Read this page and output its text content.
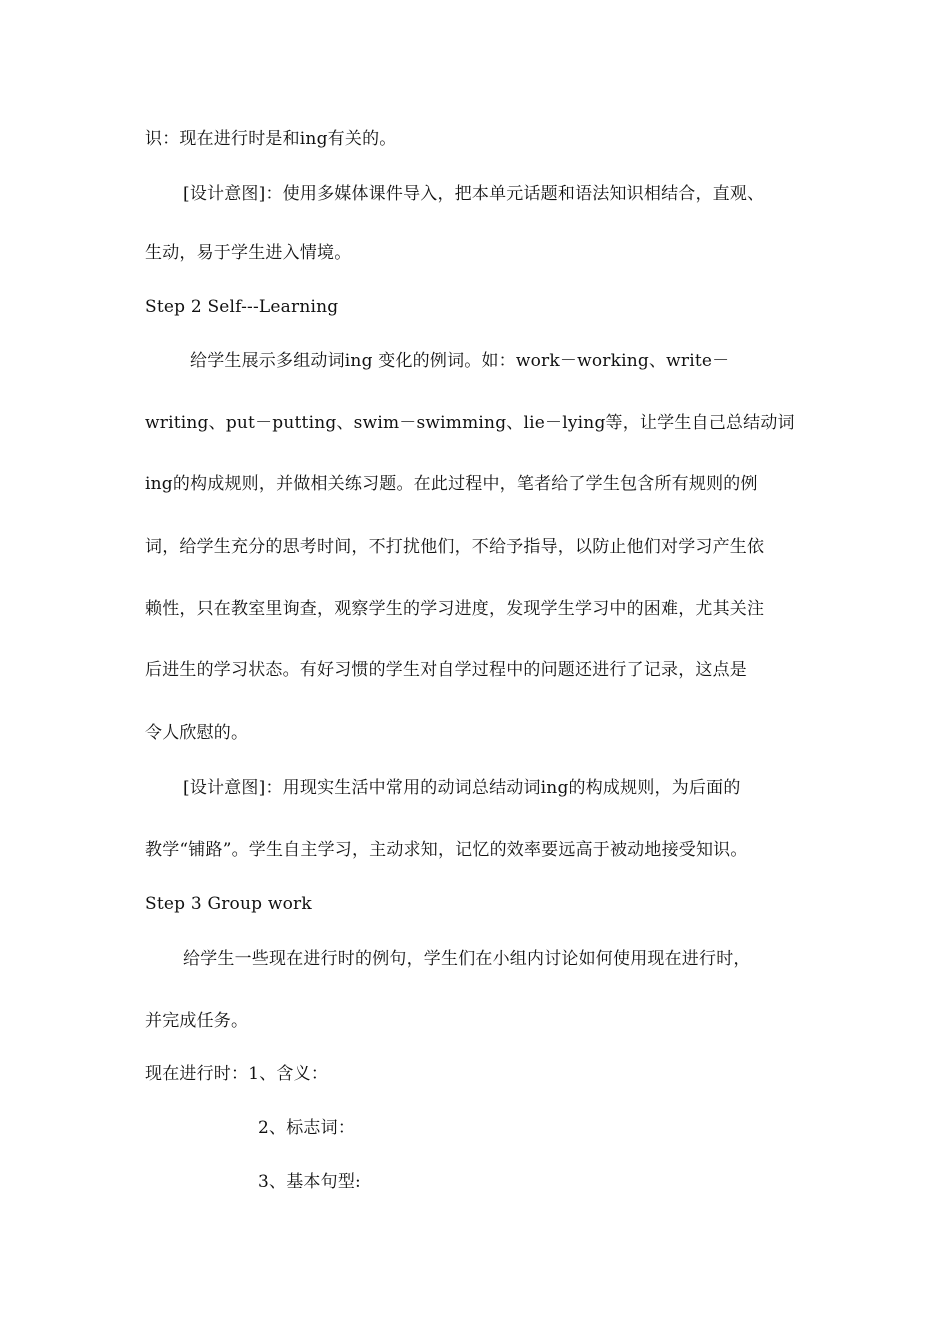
识：现在进行时是和ing有关的。

[设计意图]：使用多媒体课件导入，把本单元话题和语法知识相结合，直观、

生动，易于学生进入情境。

Step 2 Self---Learning

给学生展示多组动词ing 变化的例词。如：work－working、write－

writing、put－putting、swim－swimming、lie－lying等，让学生自己总结动词

ing的构成规则，并做相关练习题。在此过程中，笔者给了学生包含所有规则的例

词，给学生充分的思考时间，不打扰他们，不给予指导，以防止他们对学习产生依

赖性，只在教室里询查，观察学生的学习进度，发现学生学习中的困难，尤其关注

后进生的学习状态。有好习惯的学生对自学过程中的问题还进行了记录，这点是

令人欣慰的。

[设计意图]：用现实生活中常用的动词总结动词ing的构成规则，为后面的

教学“铺路”。学生自主学习，主动求知，记忆的效率要远高于被动地接受知识。

Step 3 Group work

给学生一些现在进行时的例句，学生们在小组内讨论如何使用现在进行时，

并完成任务。

现在进行时：1、含义：

2、标志词：

3、基本句型:
